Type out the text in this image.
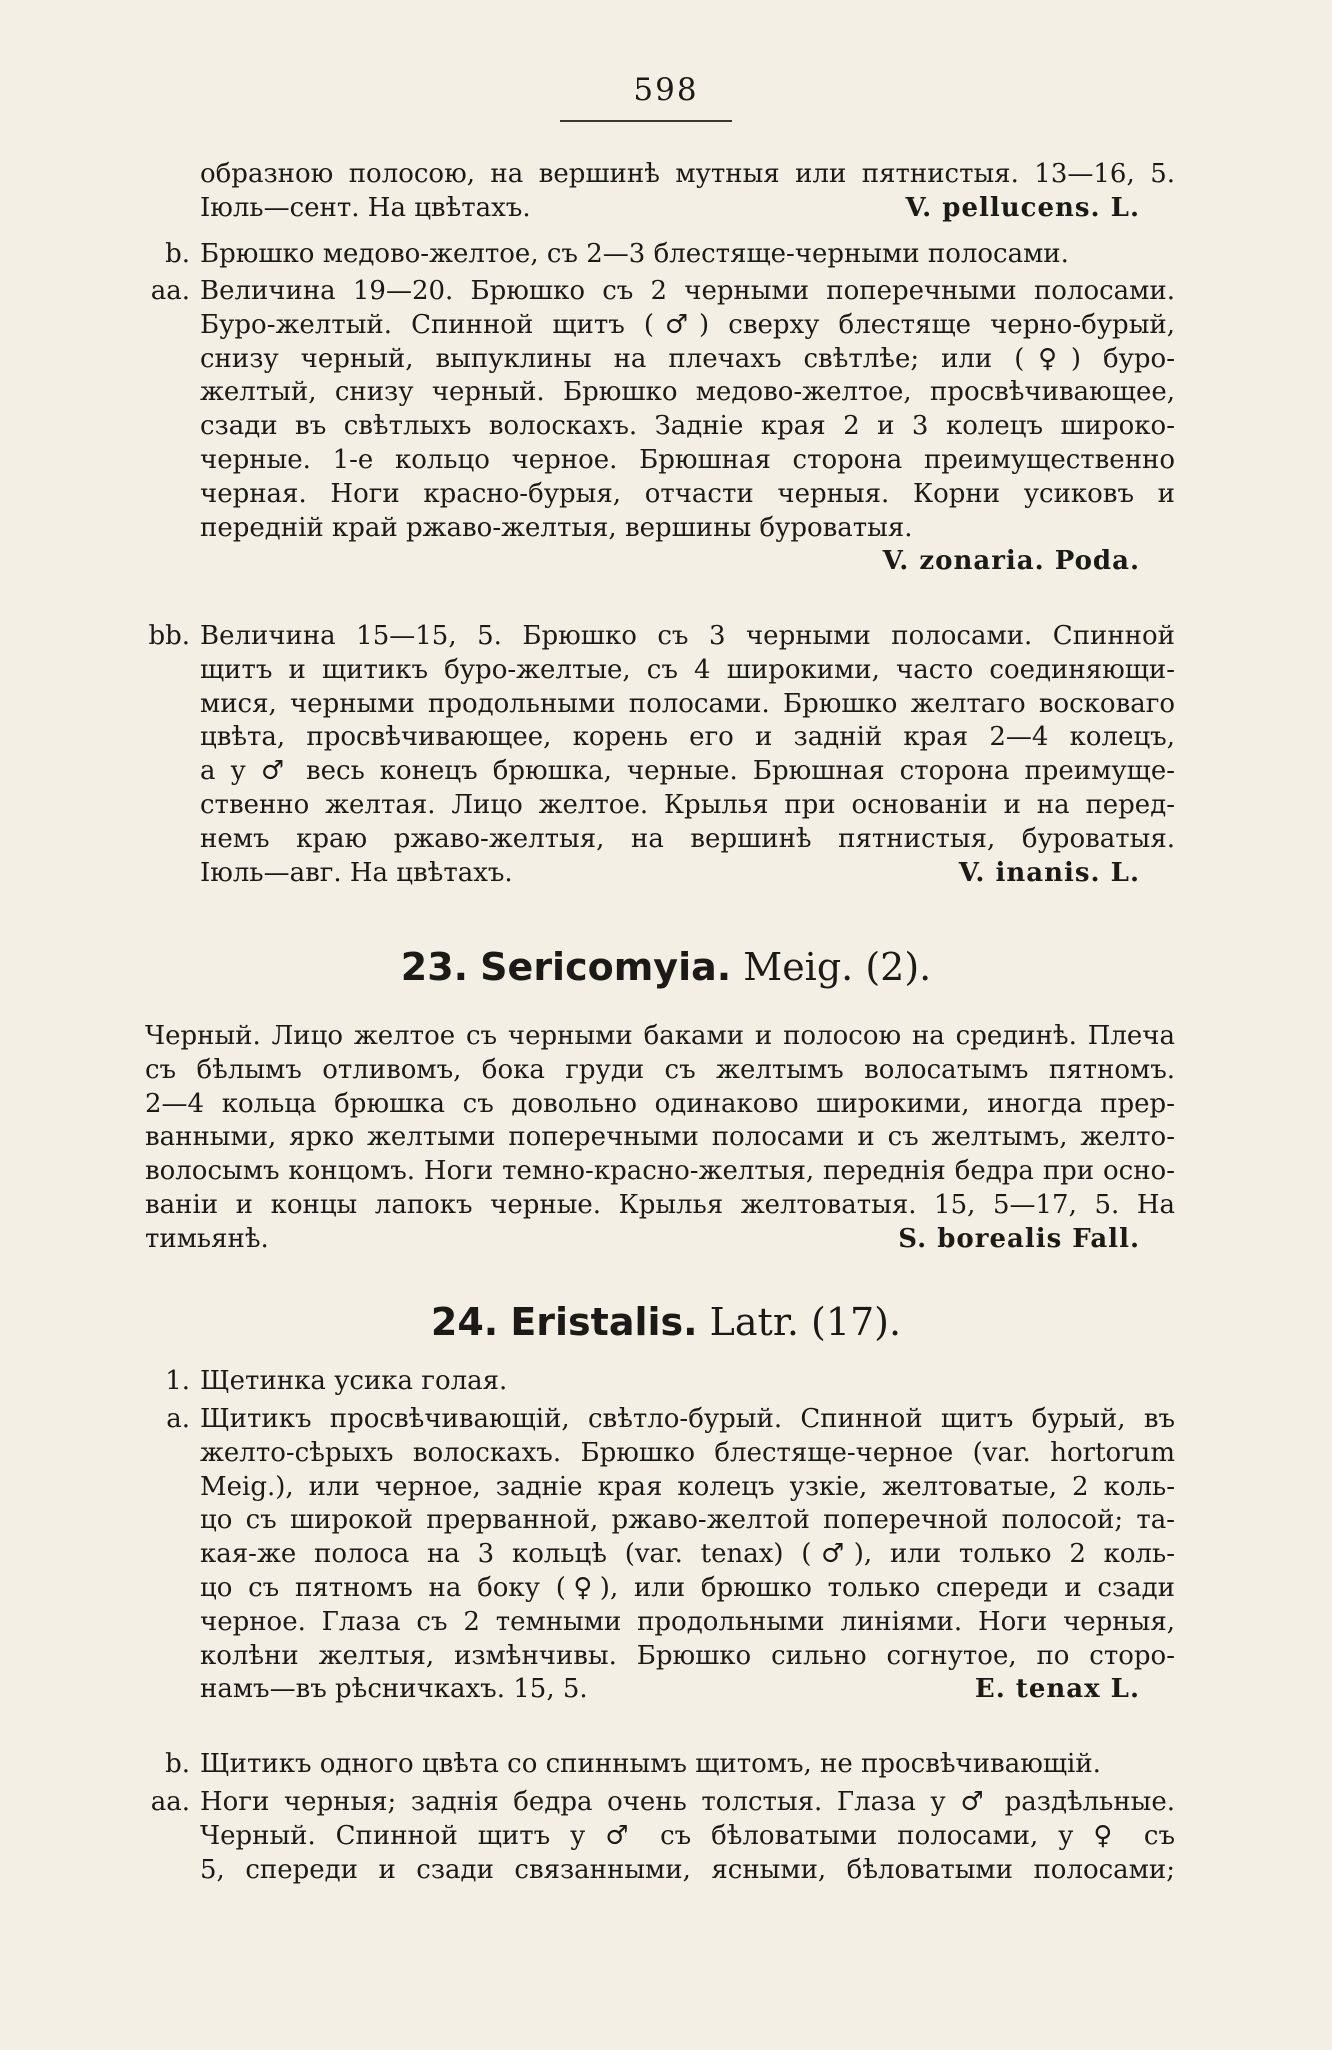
598
образною полосою, на вершинѣ мутныя или пятнистыя. 13—16, 5.
Іюль—сент. На цвѣтахъ.	V. pellucens. L.
b. Брюшко медово-желтое, съ 2—3 блестяще-черными полосами.
aa. Величина 19—20. Брюшко съ 2 черными поперечными полосами.
Буро-желтый. Спинной щитъ (♂) сверху блестяще черно-бурый,
снизу черный, выпуклины на плечахъ свѣтлѣе; или (♀) буро-
желтый, снизу черный. Брюшко медово-желтое, просвѣчивающее,
сзади въ свѣтлыхъ волоскахъ. Задніе края 2 и 3 колецъ широко-
черные. 1-е кольцо черное. Брюшная сторона преимущественно
черная. Ноги красно-бурыя, отчасти черныя. Корни усиковъ и
передній край ржаво-желтыя, вершины буроватыя.
V. zonaria. Poda.
bb. Величина 15—15, 5. Брюшко съ 3 черными полосами. Спинной
щитъ и щитикъ буро-желтые, съ 4 широкими, часто соединяющи-
мися, черными продольными полосами. Брюшко желтаго восковаго
цвѣта, просвѣчивающее, корень его и задній края 2—4 колецъ,
а у ♂ весь конецъ брюшка, черные. Брюшная сторона преимуще-
ственно желтая. Лицо желтое. Крылья при основаніи и на перед-
немъ краю ржаво-желтыя, на вершинѣ пятнистыя, буроватыя.
Іюль—авг. На цвѣтахъ.	V. inanis. L.
23. Sericomyia. Meig. (2).
Черный. Лицо желтое съ черными баками и полосою на срединѣ. Плеча
съ бѣлымъ отливомъ, бока груди съ желтымъ волосатымъ пятномъ.
2—4 кольца брюшка съ довольно одинаково широкими, иногда прер-
ванными, ярко желтыми поперечными полосами и съ желтымъ, желто-
волосымъ концомъ. Ноги темно-красно-желтыя, переднія бедра при осно-
ваніи и концы лапокъ черные. Крылья желтоватыя. 15, 5—17, 5. На
тимьянѣ.	S. borealis Fall.
24. Eristalis. Latr. (17).
1. Щетинка усика голая.
a. Щитикъ просвѣчивающій, свѣтло-бурый. Спинной щитъ бурый, въ
желто-сѣрыхъ волоскахъ. Брюшко блестяще-черное (var. hortorum
Meig.), или черное, задніе края колецъ узкіе, желтоватые, 2 коль-
цо съ широкой прерванной, ржаво-желтой поперечной полосой; та-
кая-же полоса на 3 кольцѣ (var. tenax) (♂), или только 2 коль-
цо съ пятномъ на боку (♀), или брюшко только спереди и сзади
черное. Глаза съ 2 темными продольными линіями. Ноги черныя,
колѣни желтыя, измѣнчивы. Брюшко сильно согнутое, по сторо-
намъ—въ рѣсничкахъ. 15, 5.	E. tenax L.
b. Щитикъ одного цвѣта со спиннымъ щитомъ, не просвѣчивающій.
aa. Ноги черныя; заднія бедра очень толстыя. Глаза у ♂ раздѣльные.
Черный. Спинной щитъ у ♂ съ бѣловатыми полосами, у ♀ съ
5, спереди и сзади связанными, ясными, бѣловатыми полосами;
